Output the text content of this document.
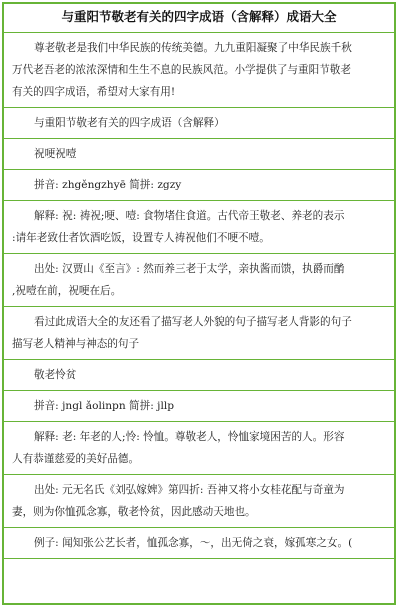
与重阳节敬老有关的四字成语（含解释）成语大全
尊老敬老是我们中华民族的传统美德。九九重阳凝聚了中华民族千秋
万代老吾老的浓浓深情和生生不息的民族风范。小学提供了与重阳节敬老
有关的四字成语，希望对大家有用!
与重阳节敬老有关的四字成语（含解释）
祝哽祝噎
拼音: zhgěngzhyē 简拼: zgzy
解释: 祝: 祷祝;哽、噎: 食物堵住食道。古代帝王敬老、养老的表示
:请年老致仕者饮酒吃饭，设置专人祷祝他们不哽不噎。
出处: 汉贾山《至言》: 然而养三老于太学，亲执酱而馈，执爵而酳
,祝噎在前，祝哽在后。
看过此成语大全的友还看了描写老人外貌的句子描写老人背影的句子
描写老人精神与神态的句子
敬老怜贫
拼音: jngl ǎolinpn 简拼: jllp
解释: 老: 年老的人;怜: 怜恤。尊敬老人，怜恤家境困苦的人。形容
人有恭谨慈爱的美好品德。
出处: 元无名氏《刘弘嫁婢》第四折: 吾神又将小女桂花配与奇童为
妻，则为你恤孤念寡，敬老怜贫，因此感动天地也。
例子: 闻知张公艺长者，恤孤念寡，～，出无倚之衰，嫁孤寒之女。(
